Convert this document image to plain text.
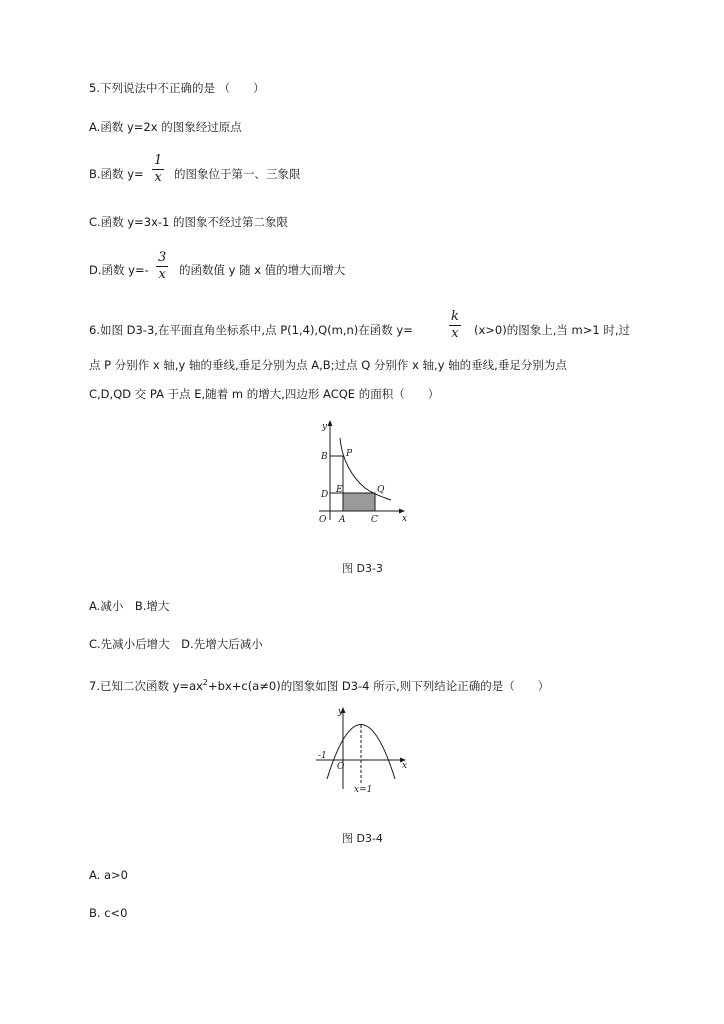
5.下列说法中不正确的是 （　　）
A.函数 y=2x 的图象经过原点
B.函数 $y= \frac{1}{x}$ 的图象位于第一、三象限
C.函数 y=3x-1 的图象不经过第二象限
D.函数 $y=- \frac{3}{x}$ 的函数值 y 随 x 值的增大而增大
6.如图 D3-3,在平面直角坐标系中,点 P(1,4),Q(m,n)在函数 y=	$\frac{k}{x} (x>0)$的图象上,当 m>1 时,过
点 P 分别作 x 轴,y 轴的垂线,垂足分别为点 A,B;过点 Q 分别作 x 轴,y 轴的垂线,垂足分别为点
C,D,QD 交 PA 于点 E,随着 m 的增大,四边形 ACQE 的面积（　　）
y
x
O A	C
B
D E
P
Q
图 D3-3
A.减小　B.增大
C.先减小后增大　D.先增大后减小
7.已知二次函数 $y=ax^2+bx+c(a\ne 0)$的图象如图 D3-4 所示,则下列结论正确的是（　　）
y
x
O
-1
x=1
图 D3-4
A. a>0
B. c<0
